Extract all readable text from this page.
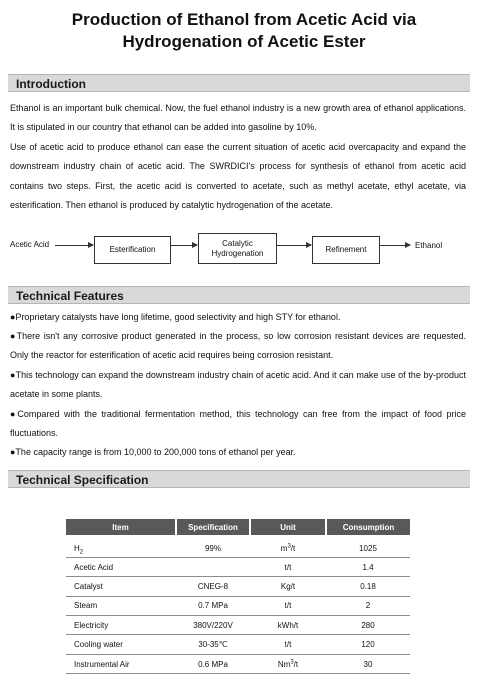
Production of Ethanol from Acetic Acid via
Hydrogenation of Acetic Ester
Introduction
Ethanol is an important bulk chemical. Now, the fuel ethanol industry is a new growth area of ethanol applications. It is stipulated in our country that ethanol can be added into gasoline by 10%.
Use of acetic acid to produce ethanol can ease the current situation of acetic acid overcapacity and expand the downstream industry chain of acetic acid. The SWRDICI's process for synthesis of ethanol from acetic acid contains two steps. First, the acetic acid is converted to acetate, such as methyl acetate, ethyl acetate, via esterification. Then ethanol is produced by catalytic hydrogenation of the acetate.
Acetic Acid
Esterification
Catalytic
Hydrogenation	Refinement	Ethanol
Technical Features
●Proprietary catalysts have long lifetime, good selectivity and high STY for ethanol.
●There isn't any corrosive product generated in the process, so low corrosion resistant devices are requested. Only the reactor for esterification of acetic acid requires being corrosion resistant.
●This technology can expand the downstream industry chain of acetic acid. And it can make use of the by-product acetate in some plants.
●Compared with the traditional fermentation method, this technology can free from the impact of food price fluctuations.
●The capacity range is from 10,000 to 200,000 tons of ethanol per year.
Technical Specification
Item	Specification	Unit	Consumption
$H_2$	99%	$m^3/t$	1025
Acetic Acid		t/t	1.4
Catalyst	CNEG-8	Kg/t	0.18
Steam	0.7 MPa	t/t	2
Electricity	380V/220V	kWh/t	280
Cooling water	30-35℃	t/t	120
Instrumental Air	0.6 MPa	Nm$^3$/t	30
